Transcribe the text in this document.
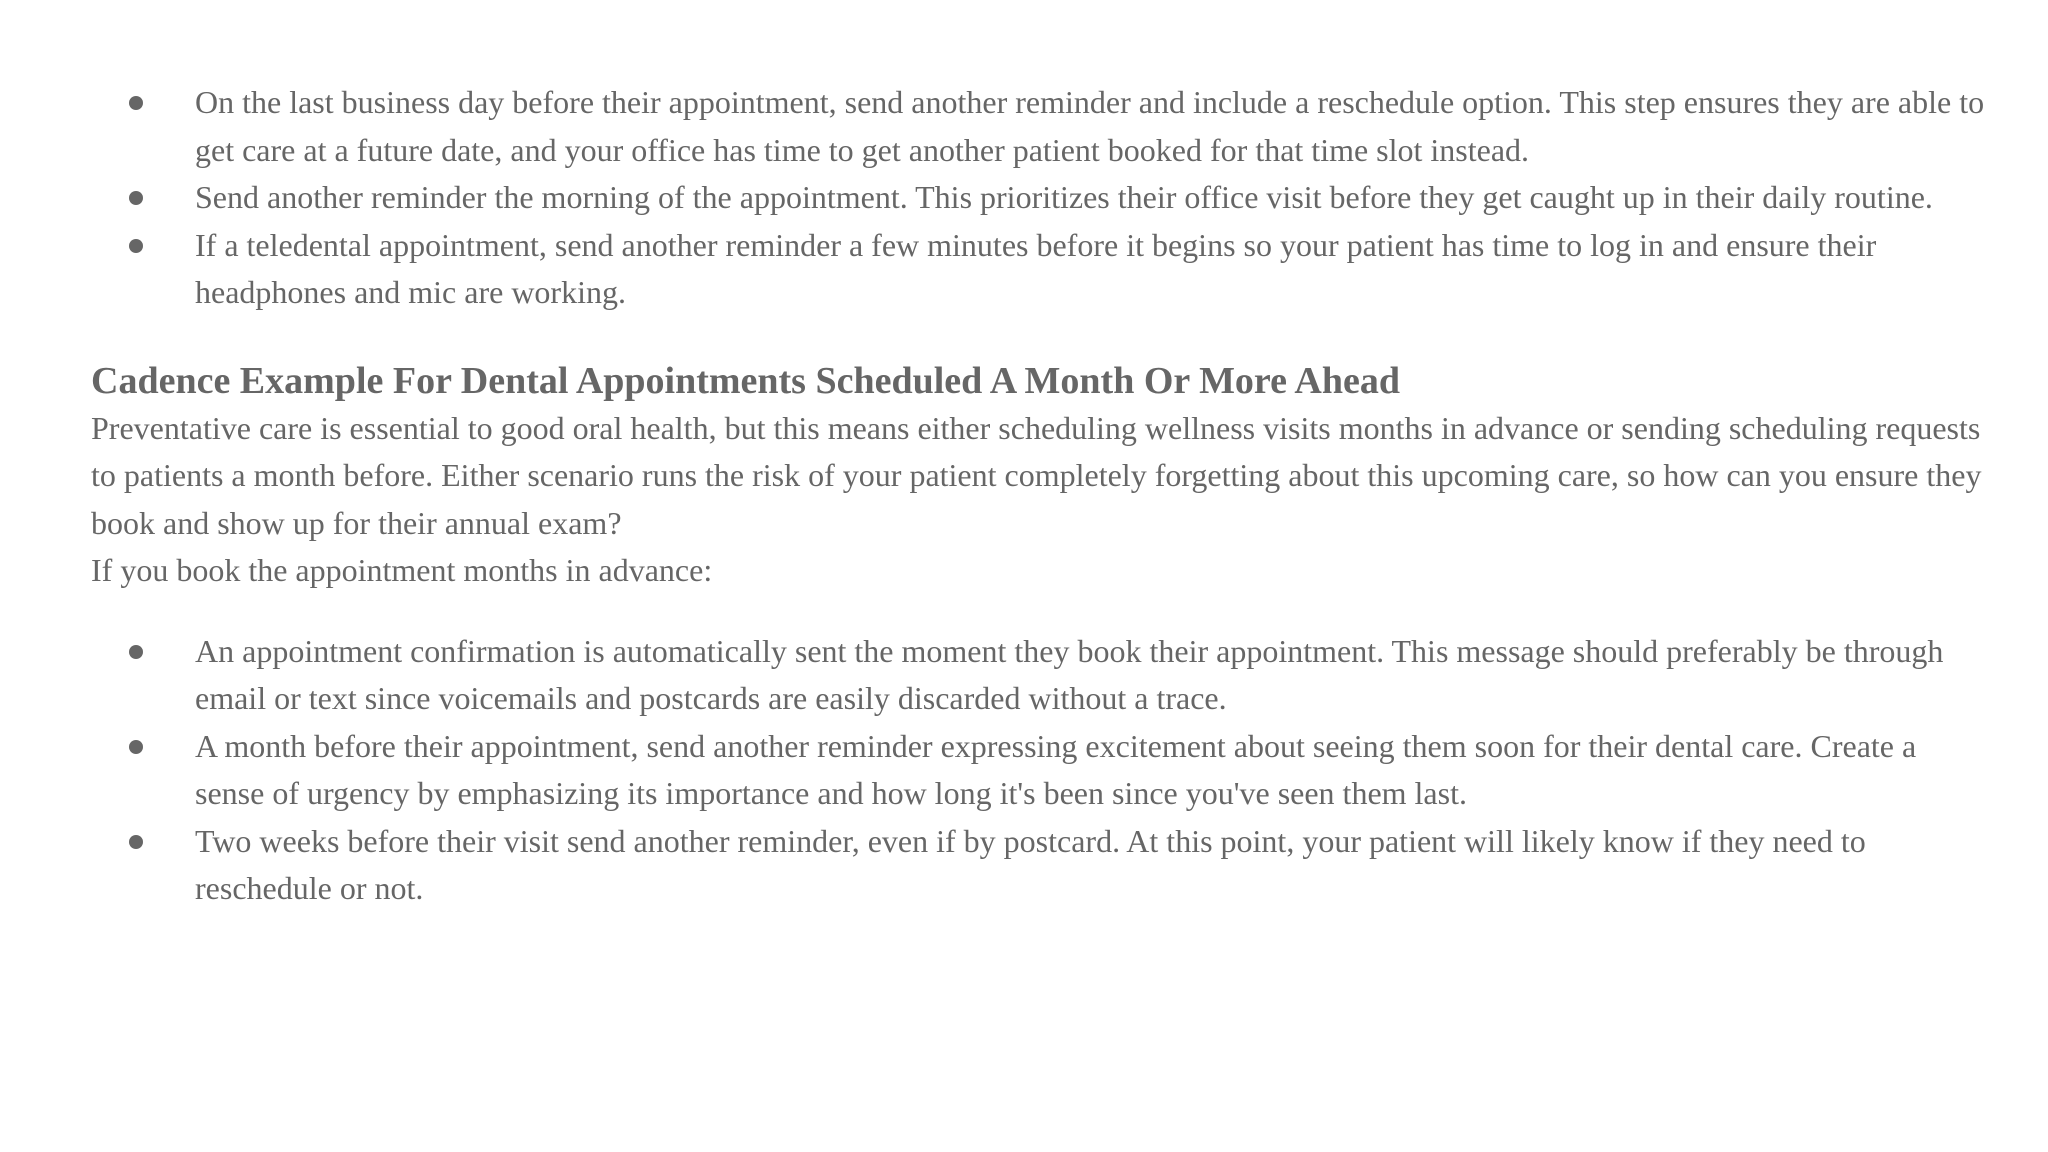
On the last business day before their appointment, send another reminder and include a reschedule option. This step ensures they are able to get care at a future date, and your office has time to get another patient booked for that time slot instead.
Send another reminder the morning of the appointment. This prioritizes their office visit before they get caught up in their daily routine.
If a teledental appointment, send another reminder a few minutes before it begins so your patient has time to log in and ensure their headphones and mic are working.
Cadence Example For Dental Appointments Scheduled A Month Or More Ahead

Preventative care is essential to good oral health, but this means either scheduling wellness visits months in advance or sending scheduling requests to patients a month before. Either scenario runs the risk of your patient completely forgetting about this upcoming care, so how can you ensure they book and show up for their annual exam?

If you book the appointment months in advance:

An appointment confirmation is automatically sent the moment they book their appointment. This message should preferably be through email or text since voicemails and postcards are easily discarded without a trace.
A month before their appointment, send another reminder expressing excitement about seeing them soon for their dental care. Create a sense of urgency by emphasizing its importance and how long it's been since you've seen them last.
Two weeks before their visit send another reminder, even if by postcard. At this point, your patient will likely know if they need to reschedule or not.
